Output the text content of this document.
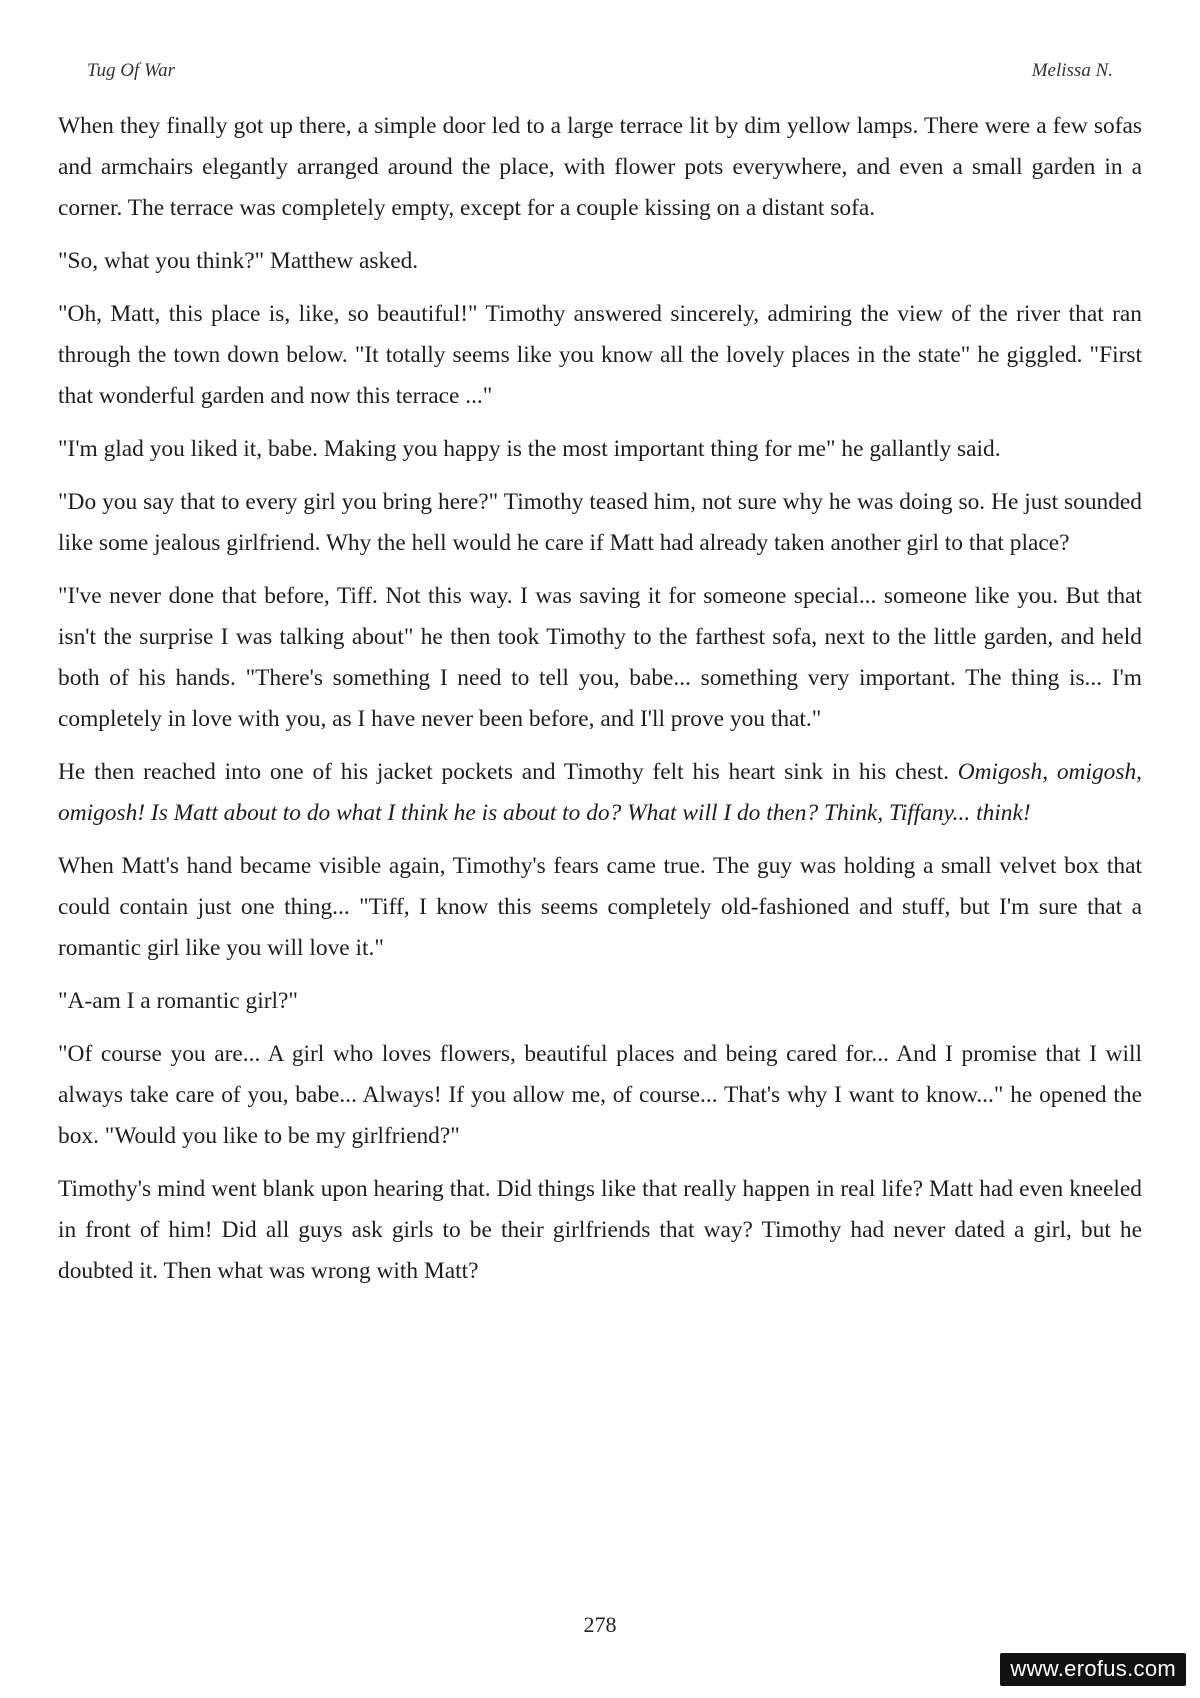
Tug Of War	Melissa N.

When they finally got up there, a simple door led to a large terrace lit by dim yellow lamps. There were a few sofas and armchairs elegantly arranged around the place, with flower pots everywhere, and even a small garden in a corner. The terrace was completely empty, except for a couple kissing on a distant sofa.

"So, what you think?" Matthew asked.

"Oh, Matt, this place is, like, so beautiful!" Timothy answered sincerely, admiring the view of the river that ran through the town down below. "It totally seems like you know all the lovely places in the state" he giggled. "First that wonderful garden and now this terrace ..."

"I'm glad you liked it, babe. Making you happy is the most important thing for me" he gallantly said.

"Do you say that to every girl you bring here?" Timothy teased him, not sure why he was doing so. He just sounded like some jealous girlfriend. Why the hell would he care if Matt had already taken another girl to that place?

"I've never done that before, Tiff. Not this way. I was saving it for someone special... someone like you. But that isn't the surprise I was talking about" he then took Timothy to the farthest sofa, next to the little garden, and held both of his hands. "There's something I need to tell you, babe... something very important. The thing is... I'm completely in love with you, as I have never been before, and I'll prove you that."

He then reached into one of his jacket pockets and Timothy felt his heart sink in his chest. Omigosh, omigosh, omigosh! Is Matt about to do what I think he is about to do? What will I do then? Think, Tiffany... think!

When Matt's hand became visible again, Timothy's fears came true. The guy was holding a small velvet box that could contain just one thing... "Tiff, I know this seems completely old-fashioned and stuff, but I'm sure that a romantic girl like you will love it."

"A-am I a romantic girl?"

"Of course you are... A girl who loves flowers, beautiful places and being cared for... And I promise that I will always take care of you, babe... Always! If you allow me, of course... That's why I want to know..." he opened the box. "Would you like to be my girlfriend?"

Timothy's mind went blank upon hearing that. Did things like that really happen in real life? Matt had even kneeled in front of him! Did all guys ask girls to be their girlfriends that way? Timothy had never dated a girl, but he doubted it. Then what was wrong with Matt?

278
www.erofus.com
